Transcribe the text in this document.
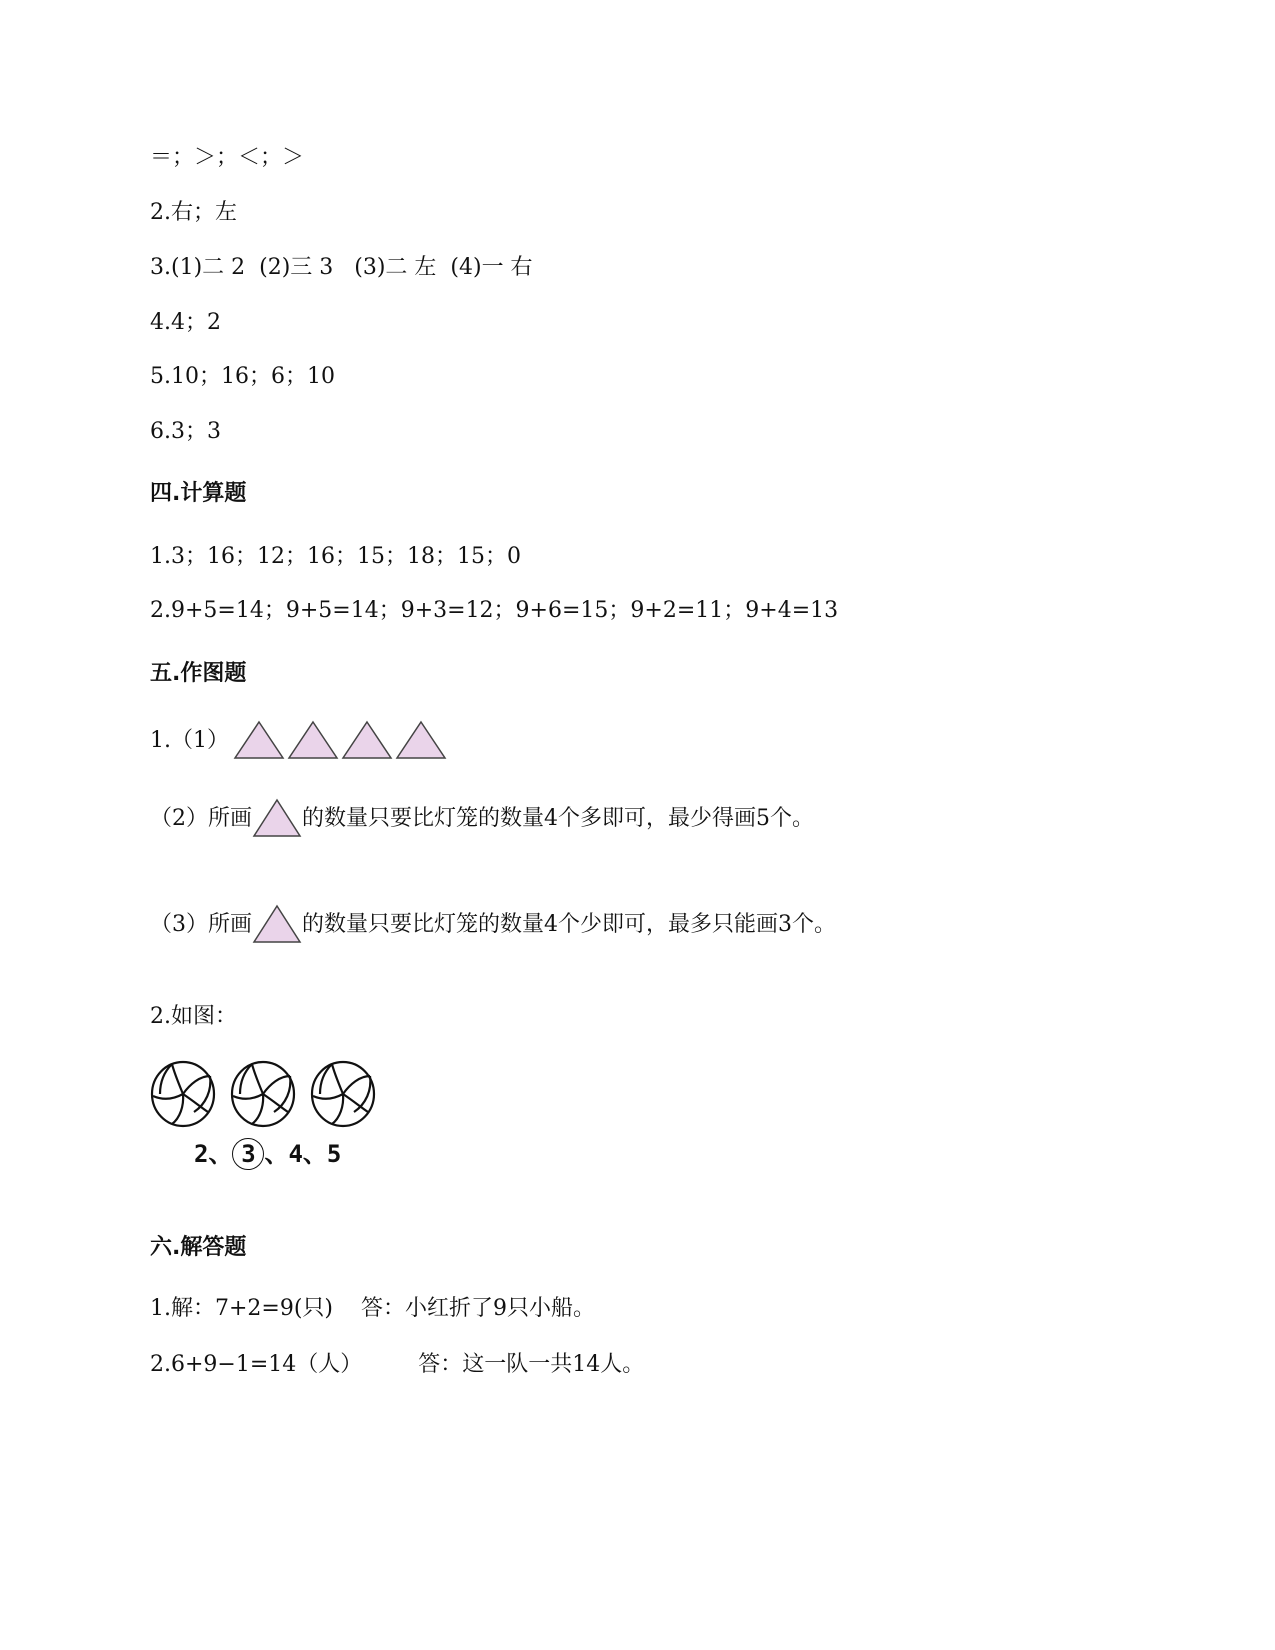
＝；＞；＜；＞
2.右；左
3.(1)二 2  (2)三 3   (3)二 左  (4)一 右
4.4；2
5.10；16；6；10
6.3；3
四.计算题
1.3；16；12；16；15；18；15；0
2.9+5=14；9+5=14；9+3=12；9+6=15；9+2=11；9+4=13
五.作图题
1.（1）
（2）所画 的数量只要比灯笼的数量4个多即可，最少得画5个。
（3）所画 的数量只要比灯笼的数量4个少即可，最多只能画3个。
2.如图：
2 、 3 、 4 、 5
六.解答题
1.解：7+2=9(只)    答：小红折了9只小船。
2.6+9−1=14（人）        答：这一队一共14人。
